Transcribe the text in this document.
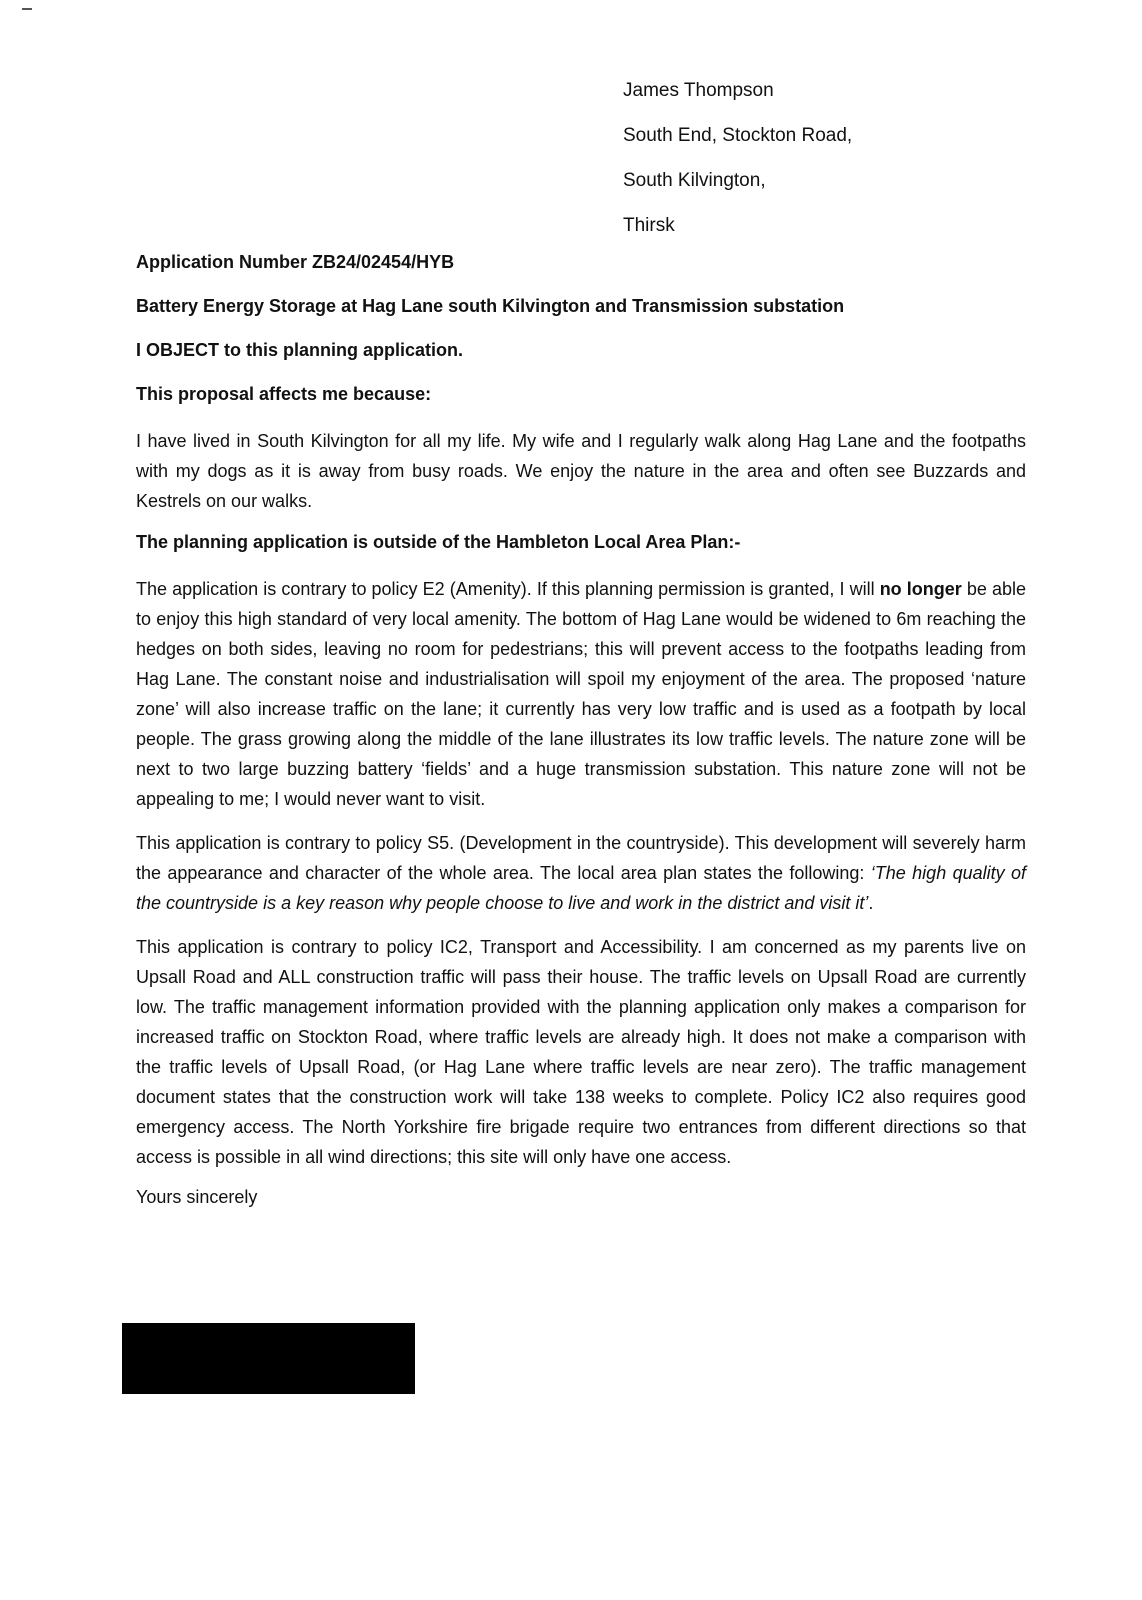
James Thompson
South End, Stockton Road,
South Kilvington,
Thirsk
Application Number ZB24/02454/HYB
Battery Energy Storage at Hag Lane south Kilvington and Transmission substation
I OBJECT to this planning application.
This proposal affects me because:

I have lived in South Kilvington for all my life. My wife and I regularly walk along Hag Lane and the footpaths with my dogs as it is away from busy roads. We enjoy the nature in the area and often see Buzzards and Kestrels on our walks.

The planning application is outside of the Hambleton Local Area Plan:-

The application is contrary to policy E2 (Amenity). If this planning permission is granted, I will no longer be able to enjoy this high standard of very local amenity. The bottom of Hag Lane would be widened to 6m reaching the hedges on both sides, leaving no room for pedestrians; this will prevent access to the footpaths leading from Hag Lane. The constant noise and industrialisation will spoil my enjoyment of the area. The proposed ‘nature zone’ will also increase traffic on the lane; it currently has very low traffic and is used as a footpath by local people. The grass growing along the middle of the lane illustrates its low traffic levels. The nature zone will be next to two large buzzing battery ‘fields’ and a huge transmission substation. This nature zone will not be appealing to me; I would never want to visit.

This application is contrary to policy S5. (Development in the countryside). This development will severely harm the appearance and character of the whole area. The local area plan states the following: ‘The high quality of the countryside is a key reason why people choose to live and work in the district and visit it’.

This application is contrary to policy IC2, Transport and Accessibility. I am concerned as my parents live on Upsall Road and ALL construction traffic will pass their house. The traffic levels on Upsall Road are currently low. The traffic management information provided with the planning application only makes a comparison for increased traffic on Stockton Road, where traffic levels are already high. It does not make a comparison with the traffic levels of Upsall Road, (or Hag Lane where traffic levels are near zero). The traffic management document states that the construction work will take 138 weeks to complete. Policy IC2 also requires good emergency access. The North Yorkshire fire brigade require two entrances from different directions so that access is possible in all wind directions; this site will only have one access.

Yours sincerely
